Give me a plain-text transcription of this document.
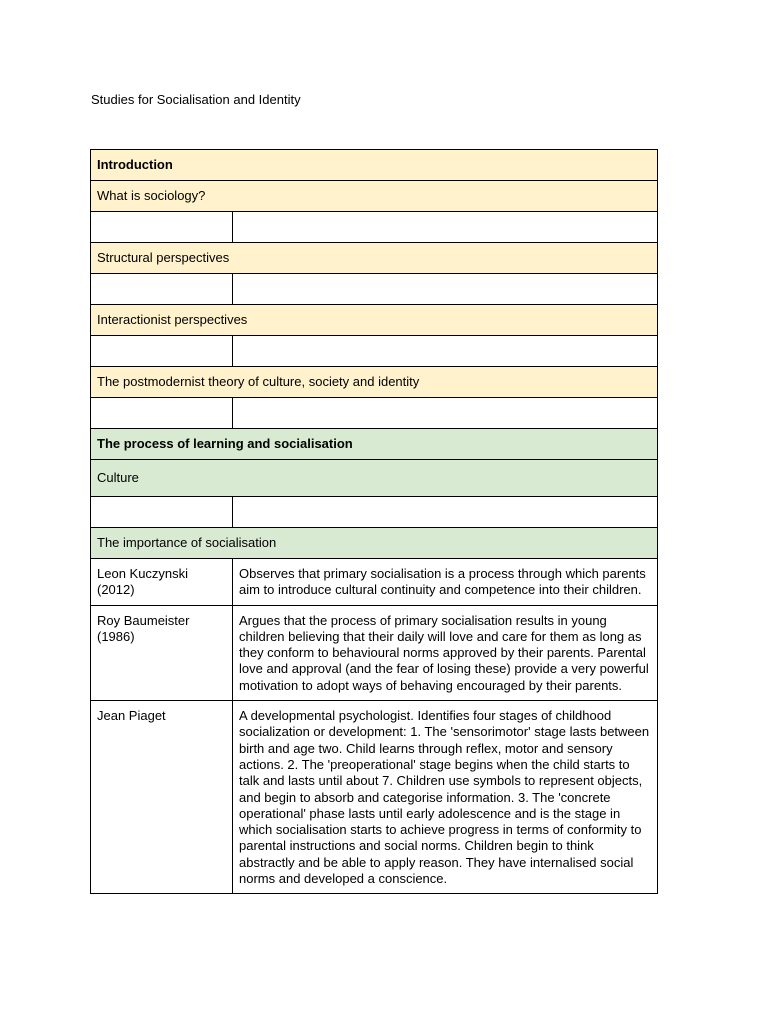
Studies for Socialisation and Identity
Introduction	
What is sociology?	

Structural perspectives	

Interactionist perspectives	

The postmodernist theory of culture, society and identity	

The process of learning and socialisation	
Culture	

The importance of socialisation	
Leon Kuczynski (2012)	Observes that primary socialisation is a process through which parents aim to introduce cultural continuity and competence into their children.
Roy Baumeister (1986)	Argues that the process of primary socialisation results in young children believing that their daily will love and care for them as long as they conform to behavioural norms approved by their parents. Parental love and approval (and the fear of losing these) provide a very powerful motivation to adopt ways of behaving encouraged by their parents.
Jean Piaget	A developmental psychologist. Identifies four stages of childhood socialization or development: 1. The 'sensorimotor' stage lasts between birth and age two. Child learns through reflex, motor and sensory actions. 2. The 'preoperational' stage begins when the child starts to talk and lasts until about 7. Children use symbols to represent objects, and begin to absorb and categorise information. 3. The 'concrete operational' phase lasts until early adolescence and is the stage in which socialisation starts to achieve progress in terms of conformity to parental instructions and social norms. Children begin to think abstractly and be able to apply reason. They have internalised social norms and developed a conscience.
